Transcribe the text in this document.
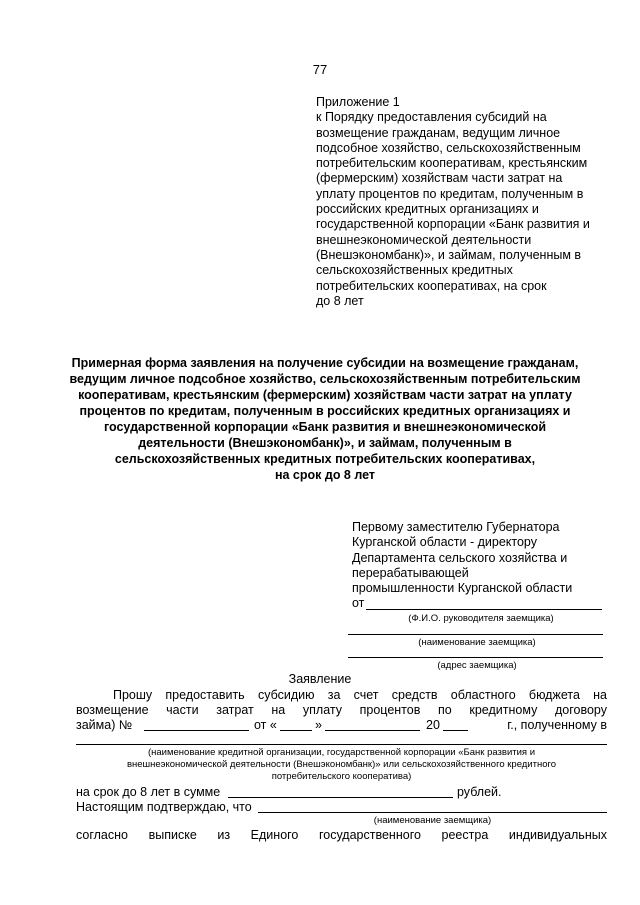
77
Приложение 1
к Порядку предоставления субсидий на
возмещение гражданам, ведущим личное
подсобное хозяйство, сельскохозяйственным
потребительским кооперативам, крестьянским
(фермерским) хозяйствам части затрат на
уплату процентов по кредитам, полученным в
российских кредитных организациях и
государственной корпорации «Банк развития и
внешнеэкономической деятельности
(Внешэкономбанк)», и займам, полученным в
сельскохозяйственных кредитных
потребительских кооперативах, на срок
до 8 лет
Примерная форма заявления на получение субсидии на возмещение гражданам,
ведущим личное подсобное хозяйство, сельскохозяйственным потребительским
кооперативам, крестьянским (фермерским) хозяйствам части затрат на уплату
процентов по кредитам, полученным в российских кредитных организациях и
государственной корпорации «Банк развития и внешнеэкономической
деятельности (Внешэкономбанк)», и займам, полученным в
сельскохозяйственных кредитных потребительских кооперативах,
на срок до 8 лет
Первому заместителю Губернатора
Курганской области - директору
Департамента сельского хозяйства и
перерабатывающей
промышленности Курганской области
от
(Ф.И.О. руководителя заемщика)
(наименование заемщика)
(адрес заемщика)
Заявление
Прошу предоставить субсидию за счет средств областного бюджета на
возмещение части затрат на уплату процентов по кредитному договору
займа) №	от «	»	20	г., полученному в
(наименование кредитной организации, государственной корпорации «Банк развития и
внешнеэкономической деятельности (Внешэкономбанк)» или сельскохозяйственного кредитного
потребительского кооператива)
на срок до 8 лет в сумме	рублей.
Настоящим подтверждаю, что
(наименование заемщика)
согласно выписке из Единого государственного реестра индивидуальных
